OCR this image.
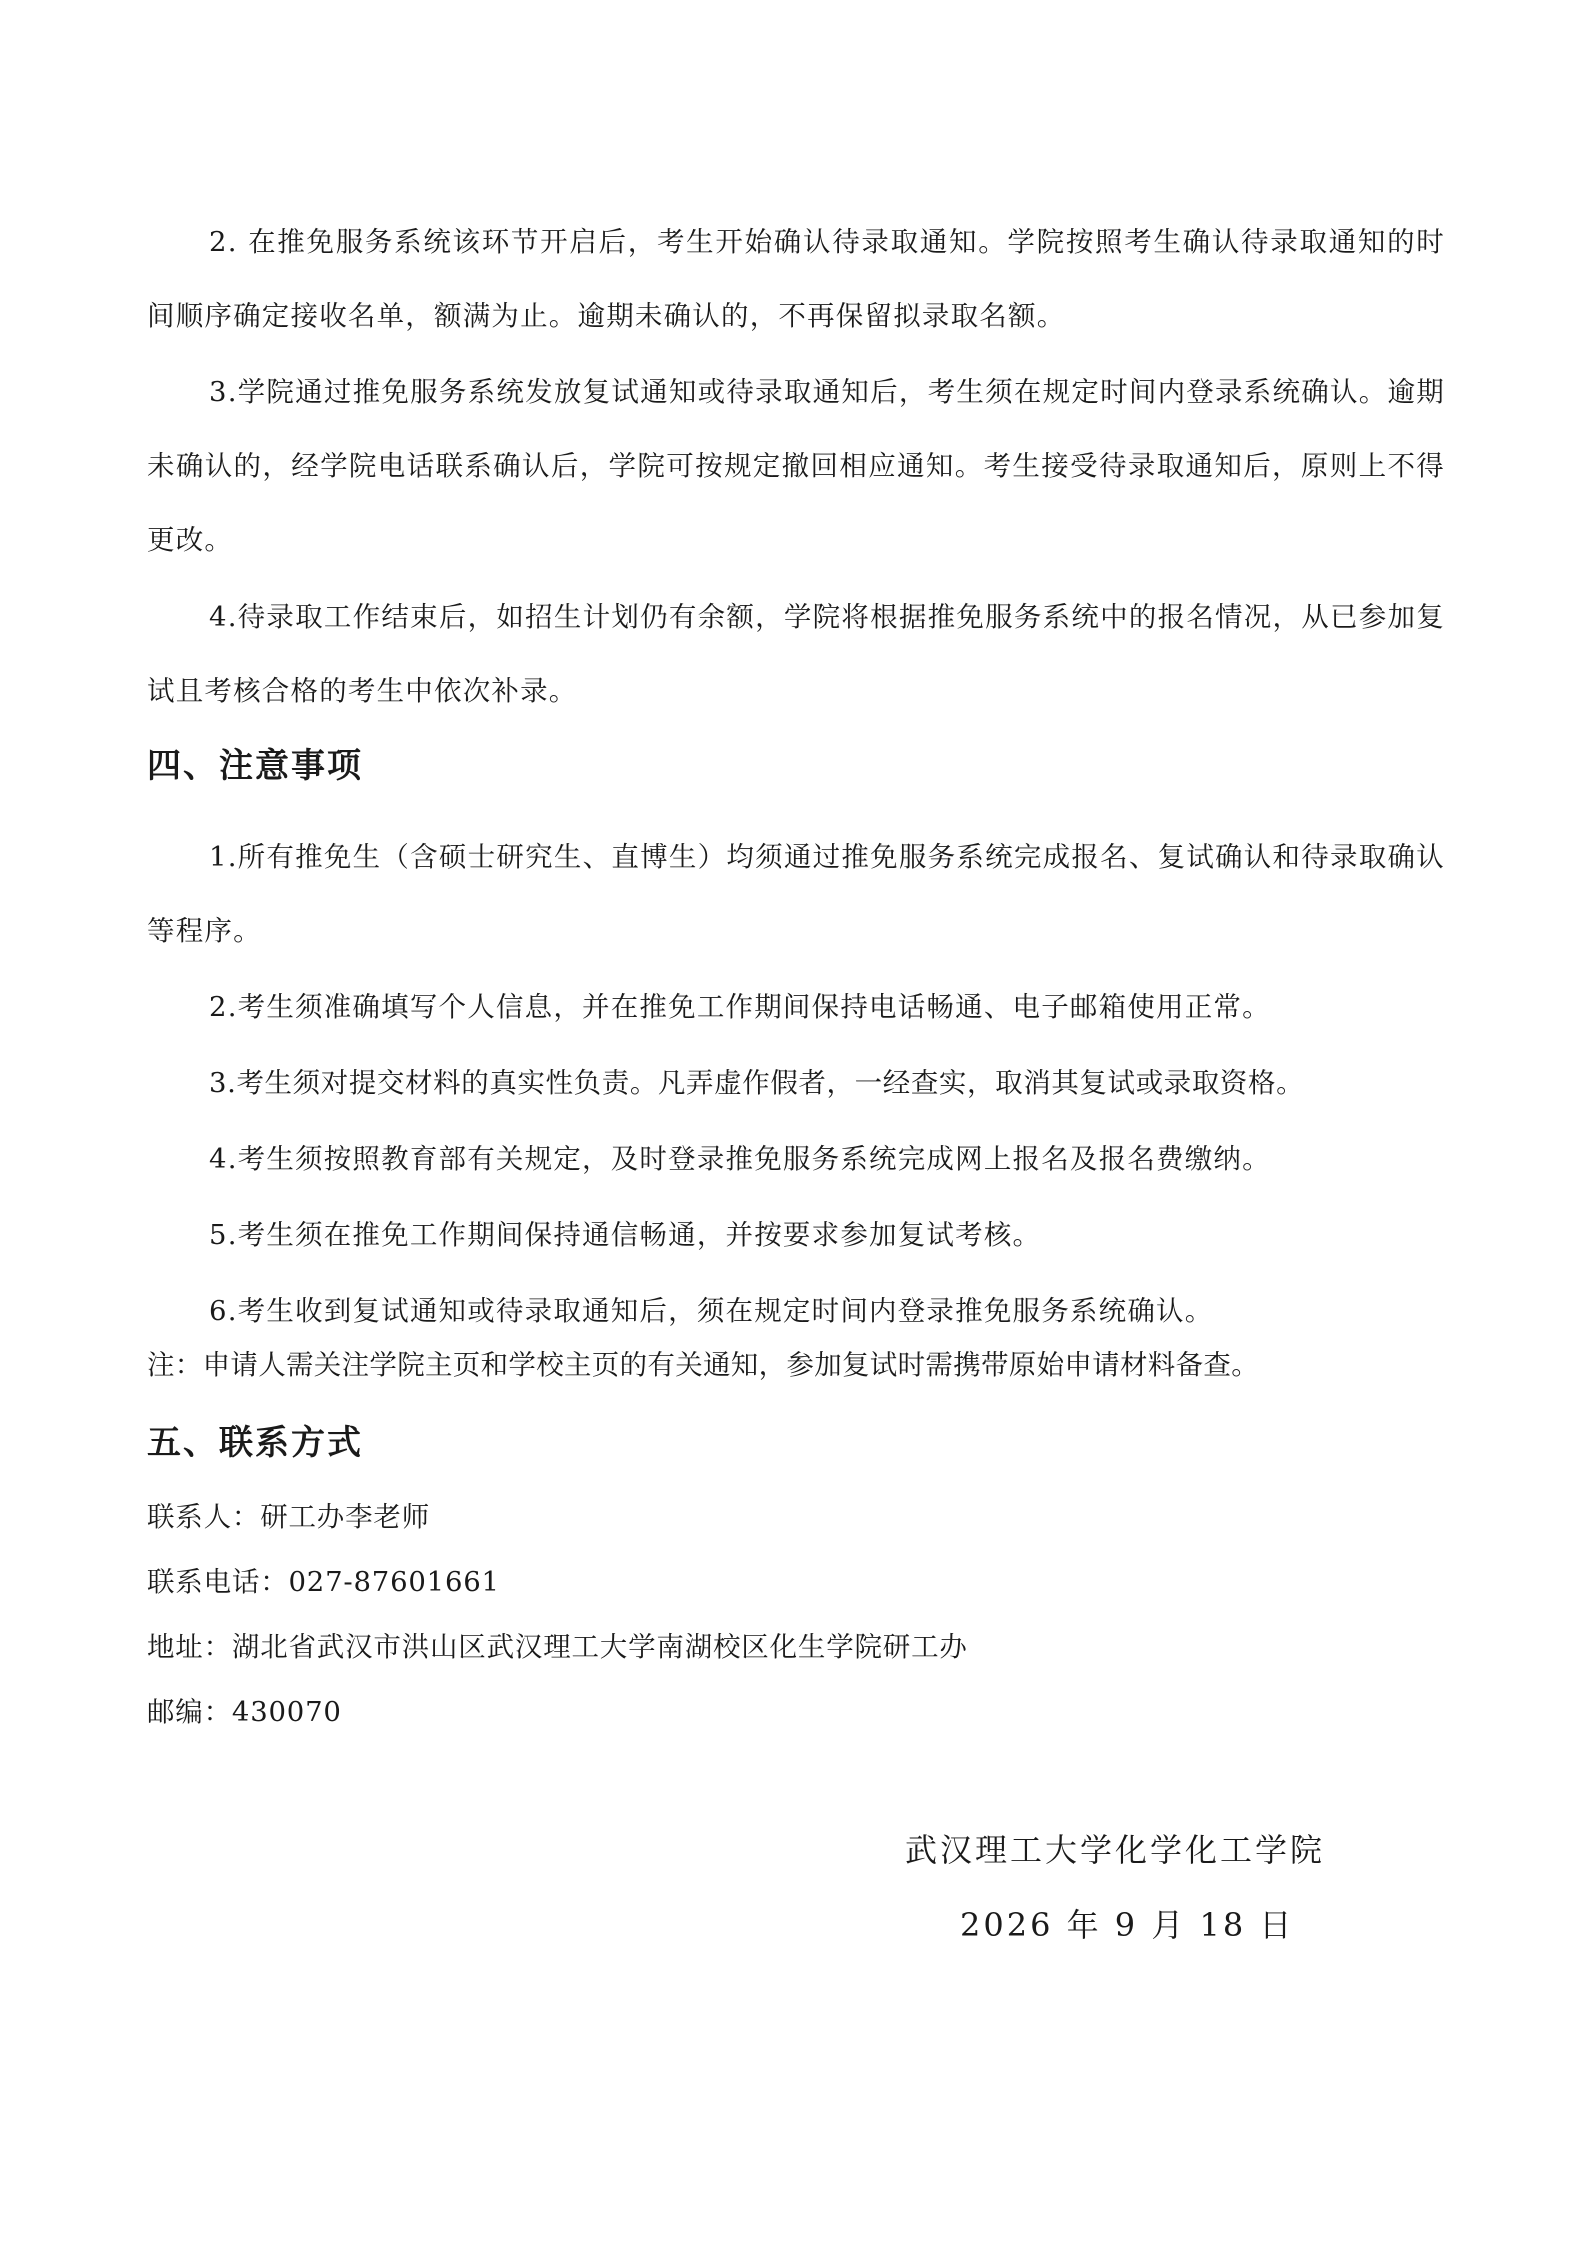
2. 在推免服务系统该环节开启后，考生开始确认待录取通知。学院按照考生确认待录取通知的时间顺序确定接收名单，额满为止。逾期未确认的，不再保留拟录取名额。

3.学院通过推免服务系统发放复试通知或待录取通知后，考生须在规定时间内登录系统确认。逾期未确认的，经学院电话联系确认后，学院可按规定撤回相应通知。考生接受待录取通知后，原则上不得更改。

4.待录取工作结束后，如招生计划仍有余额，学院将根据推免服务系统中的报名情况，从已参加复试且考核合格的考生中依次补录。

四、注意事项

1.所有推免生（含硕士研究生、直博生）均须通过推免服务系统完成报名、复试确认和待录取确认等程序。

2.考生须准确填写个人信息，并在推免工作期间保持电话畅通、电子邮箱使用正常。

3.考生须对提交材料的真实性负责。凡弄虚作假者，一经查实，取消其复试或录取资格。

4.考生须按照教育部有关规定，及时登录推免服务系统完成网上报名及报名费缴纳。

5.考生须在推免工作期间保持通信畅通，并按要求参加复试考核。

6.考生收到复试通知或待录取通知后，须在规定时间内登录推免服务系统确认。

注：申请人需关注学院主页和学校主页的有关通知，参加复试时需携带原始申请材料备查。

五、联系方式

联系人：研工办李老师

联系电话：027-87601661

地址：湖北省武汉市洪山区武汉理工大学南湖校区化生学院研工办

邮编：430070

武汉理工大学化学化工学院

2026 年 9 月 18 日
